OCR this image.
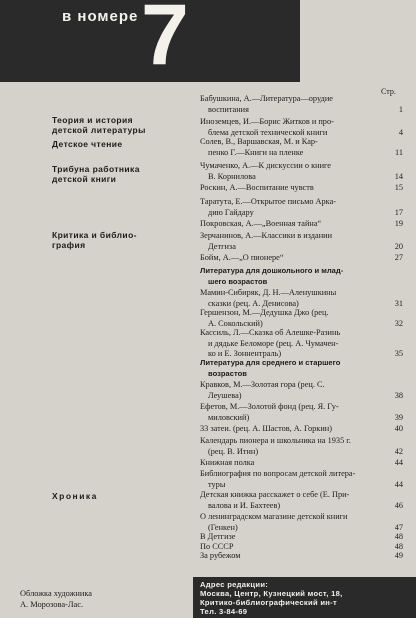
в номере 7
Стр.
Теория и история
детской литературы
Детское чтение
Трибуна работника
детской книги
Критика и библио-
графия
Хроника
Бабушкина, А.—Литература—орудие
воспитания	1
Иноземцев, И.—Борис Житков и про-
блема детской технической книги	4
Солев, В., Варшавская, М. и Кар-
пенко Г.—Книги на пленке	11
Чумаченко, А.—К дискуссии о книге
В. Корнилова	14
Роскин, А.—Воспитание чувств	15
Таратута, Е.—Открытое письмо Арка-
дию Гайдару	17
Покровская, А.—„Военная тайна“	19
Зерчанинов, А.—Классики в издании
Детгиза	20
Бойм, А.—„О пионере“	27
Литература для дошкольного и млад-
шего возрастов
Мамин-Сибиряк, Д. Н.—Аленушкины
сказки (рец. А. Денисова)	31
Гершензон, М.—Дедушка Джо (рец.
А. Сокольский)	32
Кассиль, Л.—Сказка об Алешке-Разинь
и дядьке Беломоре (рец. А. Чумачен-
ко и Е. Зоннентраль)	35
Литература для среднего и старшего
возрастов
Кравков, М.—Золотая гора (рец. С.
Леушева)	38
Ефетов, М.—Золотой фонд (рец. Я. Гу-
миловский)	39
33 затеи. (рец. А. Шастов, А. Горкин)	40
Календарь пионера и школьника на 1935 г.
(рец. В. Итин)	42
Книжная полка	44
Библиография по вопросам детской литера-
туры	44
Детская книжка расскажет о себе (Е. При-
валова и И. Бахтеев)	46
О ленинградском магазине детской книги
(Генкен)	47
В Детгизе	48
По СССР	48
За рубежом	49
Обложка художника
А. Морозова-Лас.
Адрес редакции:
Москва, Центр, Кузнецкий мост, 18,
Критико-библиографический ин-т
Тел. 3-84-69
